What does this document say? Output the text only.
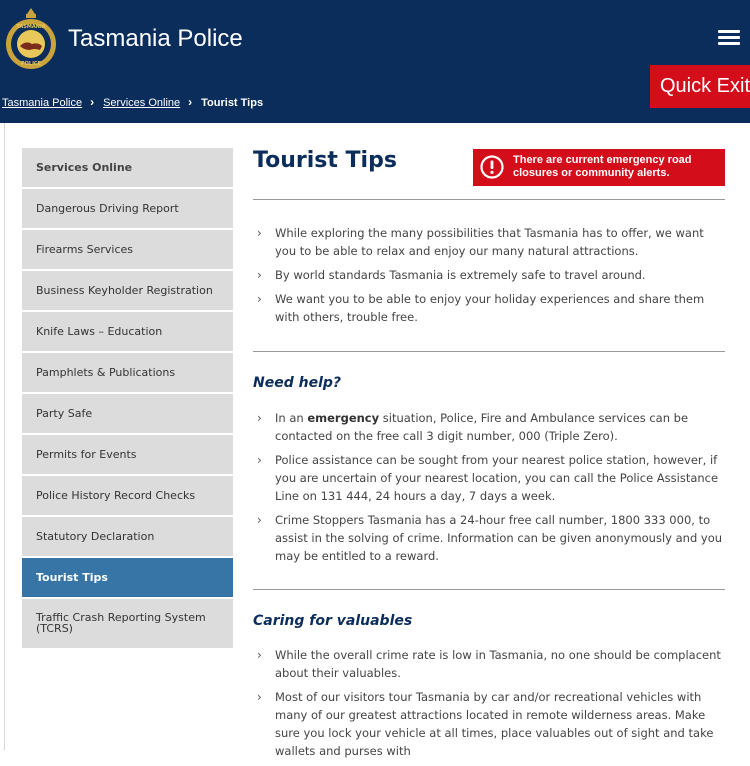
TASMANIA
POLICE
Tasmania Police
Quick Exit
Tasmania Police › Services Online › Tourist Tips
Services Online
Dangerous Driving Report
Firearms Services
Business Keyholder Registration
Knife Laws – Education
Pamphlets & Publications
Party Safe
Permits for Events
Police History Record Checks
Statutory Declaration
Tourist Tips
Traffic Crash Reporting System (TCRS)
Tourist Tips	There are current emergency road closures or community alerts.
› While exploring the many possibilities that Tasmania has to offer, we want you to be able to relax and enjoy our many natural attractions.
› By world standards Tasmania is extremely safe to travel around.
› We want you to be able to enjoy your holiday experiences and share them with others, trouble free.
Need help?
› In an emergency situation, Police, Fire and Ambulance services can be contacted on the free call 3 digit number, 000 (Triple Zero).
› Police assistance can be sought from your nearest police station, however, if you are uncertain of your nearest location, you can call the Police Assistance Line on 131 444, 24 hours a day, 7 days a week.
› Crime Stoppers Tasmania has a 24-hour free call number, 1800 333 000, to assist in the solving of crime. Information can be given anonymously and you may be entitled to a reward.
Caring for valuables
› While the overall crime rate is low in Tasmania, no one should be complacent about their valuables.
› Most of our visitors tour Tasmania by car and/or recreational vehicles with many of our greatest attractions located in remote wilderness areas. Make sure you lock your vehicle at all times, place valuables out of sight and take wallets and purses with
